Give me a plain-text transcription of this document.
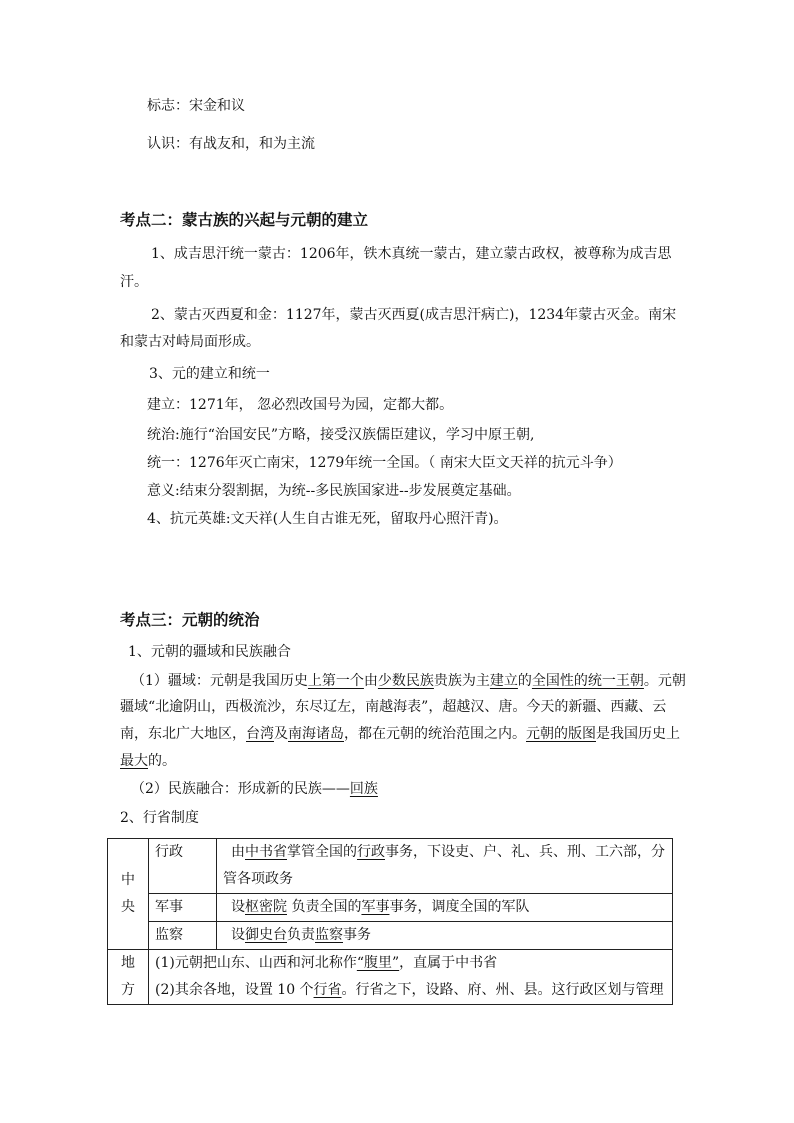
标志：宋金和议
认识：有战友和，和为主流
考点二：蒙古族的兴起与元朝的建立
1、成吉思汗统一蒙古：1206年，铁木真统一蒙古，建立蒙古政权，被尊称为成吉思
汗。
2、蒙古灭西夏和金：1127年，蒙古灭西夏(成吉思汗病亡)，1234年蒙古灭金。南宋
和蒙古对峙局面形成。
3、元的建立和统一
建立：1271年， 忽必烈改国号为园，定都大都。
统治:施行“治国安民”方略，接受汉族儒臣建议，学习中原王朝,
统一：1276年灭亡南宋，1279年统一全国。（ 南宋大臣文天祥的抗元斗争）
意义:结束分裂割据，为统--多民族国家进--步发展奠定基础。
4、抗元英雄:文天祥(人生自古谁无死，留取丹心照汗青)。
考点三：元朝的统治
1、元朝的疆域和民族融合
（1）疆域：元朝是我国历史上第一个由少数民族贵族为主建立的全国性的统一王朝。元朝
疆域“北逾阴山，西极流沙，东尽辽左，南越海表”，超越汉、唐。今天的新疆、西藏、云
南，东北广大地区，台湾及南海诸岛，都在元朝的统治范围之内。元朝的版图是我国历史上
最大的。
（2）民族融合：形成新的民族——回族
2、行省制度
中
央	行政	由中书省掌管全国的行政事务，下设吏、户、礼、兵、刑、工六部，分
管各项政务

	军事	设枢密院 负责全国的军事事务，调度全国的军队
	监察	设御史台负责监察事务

地
方	(1)元朝把山东、山西和河北称作“腹里”，直属于中书省
(2)其余各地，设置 10 个行省。行省之下，设路、府、州、县。这行政区划与管理	
